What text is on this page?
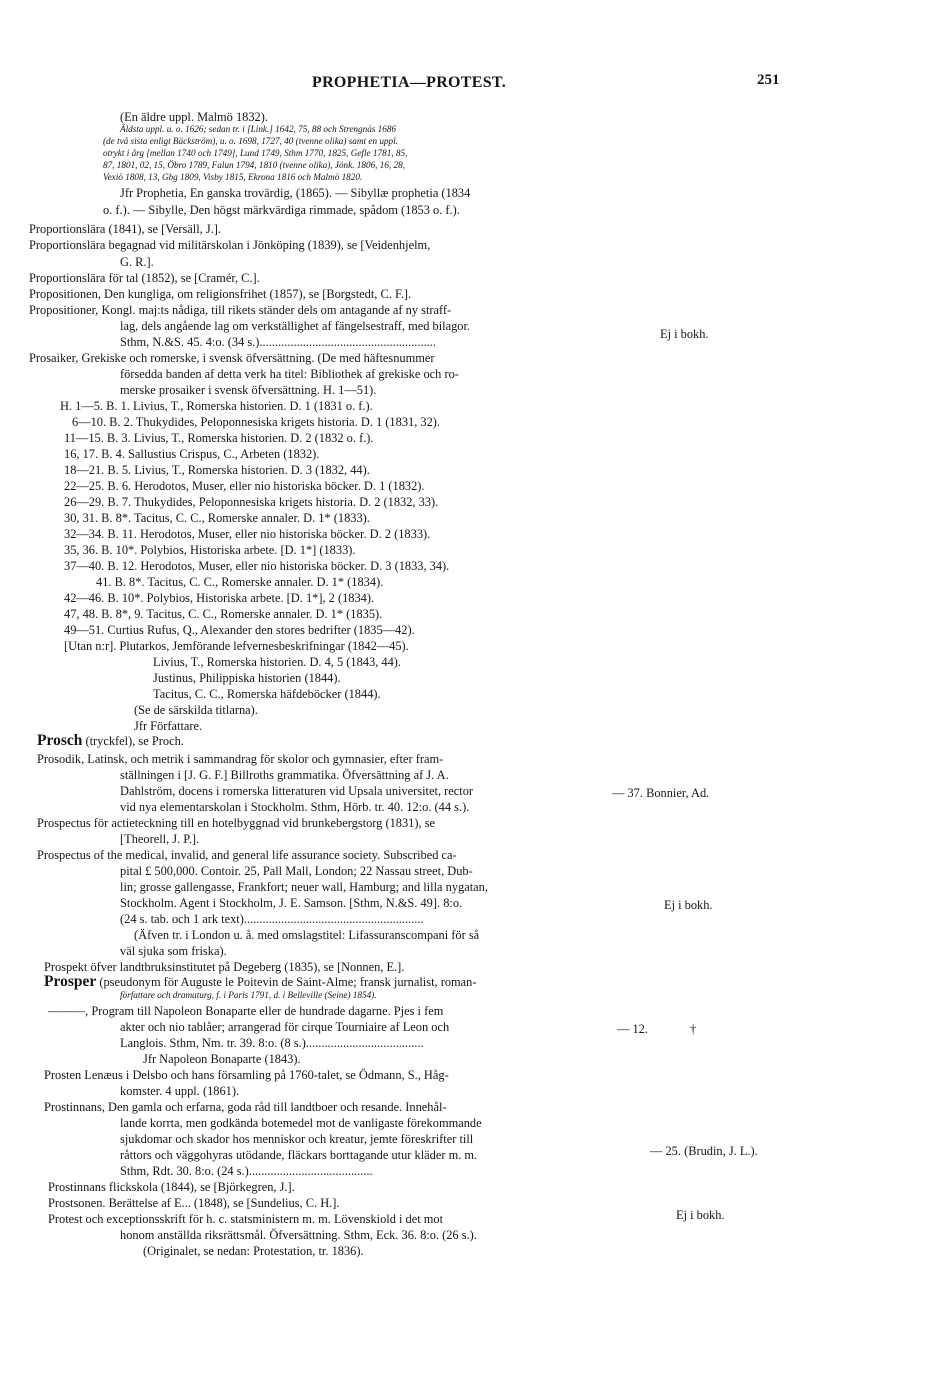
PROPHETIA—PROTEST.	251
(En äldre uppl. Malmö 1832).
Äldsta uppl. u. o. 1626; sedan tr. i [Link.] 1642, 75, 88 och Strengnäs 1686
(de två sista enligt Bäckström), u. o. 1698, 1727, 40 (tvenne olika) samt en uppl.
otrykt i årg [mellan 1740 och 1749], Lund 1749, Sthm 1770, 1825, Gefle 1781, 85,
87, 1801, 02, 15, Öbro 1789, Falun 1794, 1810 (tvenne olika), Jönk. 1806, 16, 28,
Vexiö 1808, 13, Gbg 1809, Visby 1815, Ekrona 1816 och Malmö 1820.
Jfr Prophetia, En ganska trovärdig, (1865). — Sibyllæ prophetia (1834
o. f.). — Sibylle, Den högst märkvärdiga rimmade, spådom (1853 o. f.).
Proportionslära (1841), se [Versäll, J.].
Proportionslära begagnad vid militärskolan i Jönköping (1839), se [Veidenhjelm,
G. R.].
Proportionslära för tal (1852), se [Cramér, C.].
Propositionen, Den kungliga, om religionsfrihet (1857), se [Borgstedt, C. F.].
Propositioner, Kongl. maj:ts nådiga, till rikets ständer dels om antagande af ny straff-
lag, dels angående lag om verkställighet af fängelsestraff, med bilagor.
Sthm, N.&S. 45. 4:o. (34 s.).........................................................
Prosaiker, Grekiske och romerske, i svensk öfversättning. (De med häftesnummer
försedda banden af detta verk ha titel: Bibliothek af grekiske och ro-
merske prosaiker i svensk öfversättning. H. 1—51).
H. 1—5. B. 1. Livius, T., Romerska historien. D. 1 (1831 o. f.).
6—10. B. 2. Thukydides, Peloponnesiska krigets historia. D. 1 (1831, 32).
11—15. B. 3. Livius, T., Romerska historien. D. 2 (1832 o. f.).
16, 17. B. 4. Sallustius Crispus, C., Arbeten (1832).
18—21. B. 5. Livius, T., Romerska historien. D. 3 (1832, 44).
22—25. B. 6. Herodotos, Muser, eller nio historiska böcker. D. 1 (1832).
26—29. B. 7. Thukydides, Peloponnesiska krigets historia. D. 2 (1832, 33).
30, 31. B. 8*. Tacitus, C. C., Romerske annaler. D. 1* (1833).
32—34. B. 11. Herodotos, Muser, eller nio historiska böcker. D. 2 (1833).
35, 36. B. 10*. Polybios, Historiska arbete. [D. 1*] (1833).
37—40. B. 12. Herodotos, Muser, eller nio historiska böcker. D. 3 (1833, 34).
41. B. 8*. Tacitus, C. C., Romerske annaler. D. 1* (1834).
42—46. B. 10*. Polybios, Historiska arbete. [D. 1*], 2 (1834).
47, 48. B. 8*, 9. Tacitus, C. C., Romerske annaler. D. 1* (1835).
49—51. Curtius Rufus, Q., Alexander den stores bedrifter (1835—42).
[Utan n:r]. Plutarkos, Jemförande lefvernesbeskrifningar (1842—45).
Livius, T., Romerska historien. D. 4, 5 (1843, 44).
Justinus, Philippiska historien (1844).
Tacitus, C. C., Romerska häfdeböcker (1844).
(Se de särskilda titlarna).
Jfr Författare.
Prosch (tryckfel), se Proch.
Prosodik, Latinsk, och metrik i sammandrag för skolor och gymnasier, efter fram-
ställningen i [J. G. F.] Billroths grammatika. Öfversättning af J. A.
Dahlström, docens i romerska litteraturen vid Upsala universitet, rector
vid nya elementarskolan i Stockholm. Sthm, Hörb. tr. 40. 12:o. (44 s.).
Prospectus för actieteckning till en hotelbyggnad vid brunkebergstorg (1831), se
[Theorell, J. P.].
Prospectus of the medical, invalid, and general life assurance society. Subscribed ca-
pital £ 500,000. Contoir. 25, Pall Mall, London; 22 Nassau street, Dub-
lin; grosse gallengasse, Frankfort; neuer wall, Hamburg; and lilla nygatan,
Stockholm. Agent i Stockholm, J. E. Samson. [Sthm, N.&S. 49]. 8:o.
(24 s. tab. och 1 ark text)..........................................................
(Äfven tr. i London u. å. med omslagstitel: Lifassuranscompani för så
väl sjuka som friska).
Prospekt öfver landtbruksinstitutet på Degeberg (1835), se [Nonnen, E.].
Prosper (pseudonym för Auguste le Poitevin de Saint-Alme; fransk jurnalist, roman-
författare och dramaturg, f. i Paris 1791, d. i Belleville (Seine) 1854).
———, Program till Napoleon Bonaparte eller de hundrade dagarne. Pjes i fem
akter och nio tablåer; arrangerad för cirque Tourniaire af Leon och
Langlois. Sthm, Nm. tr. 39. 8:o. (8 s.)......................................
Jfr Napoleon Bonaparte (1843).
Prosten Lenæus i Delsbo och hans församling på 1760-talet, se Ödmann, S., Håg-
komster. 4 uppl. (1861).
Prostinnans, Den gamla och erfarna, goda råd till landtboer och resande. Innehål-
lande korrta, men godkända botemedel mot de vanligaste förekommande
sjukdomar och skador hos menniskor och kreatur, jemte föreskrifter till
råttors och väggohyras utödande, fläckars borttagande utur kläder m. m.
Sthm, Rdt. 30. 8:o. (24 s.)........................................
Prostinnans flickskola (1844), se [Björkegren, J.].
Prostsonen. Berättelse af E... (1848), se [Sundelius, C. H.].
Protest och exceptionsskrift för h. c. statsministern m. m. Lövenskiold i det mot
honom anställda riksrättsmål. Öfversättning. Sthm, Eck. 36. 8:o. (26 s.).
(Originalet, se nedan: Protestation, tr. 1836).
Ej i bokh.
— 37. Bonnier, Ad.
Ej i bokh.
— 12.	†
— 25. (Brudin, J. L.).
Ej i bokh.
